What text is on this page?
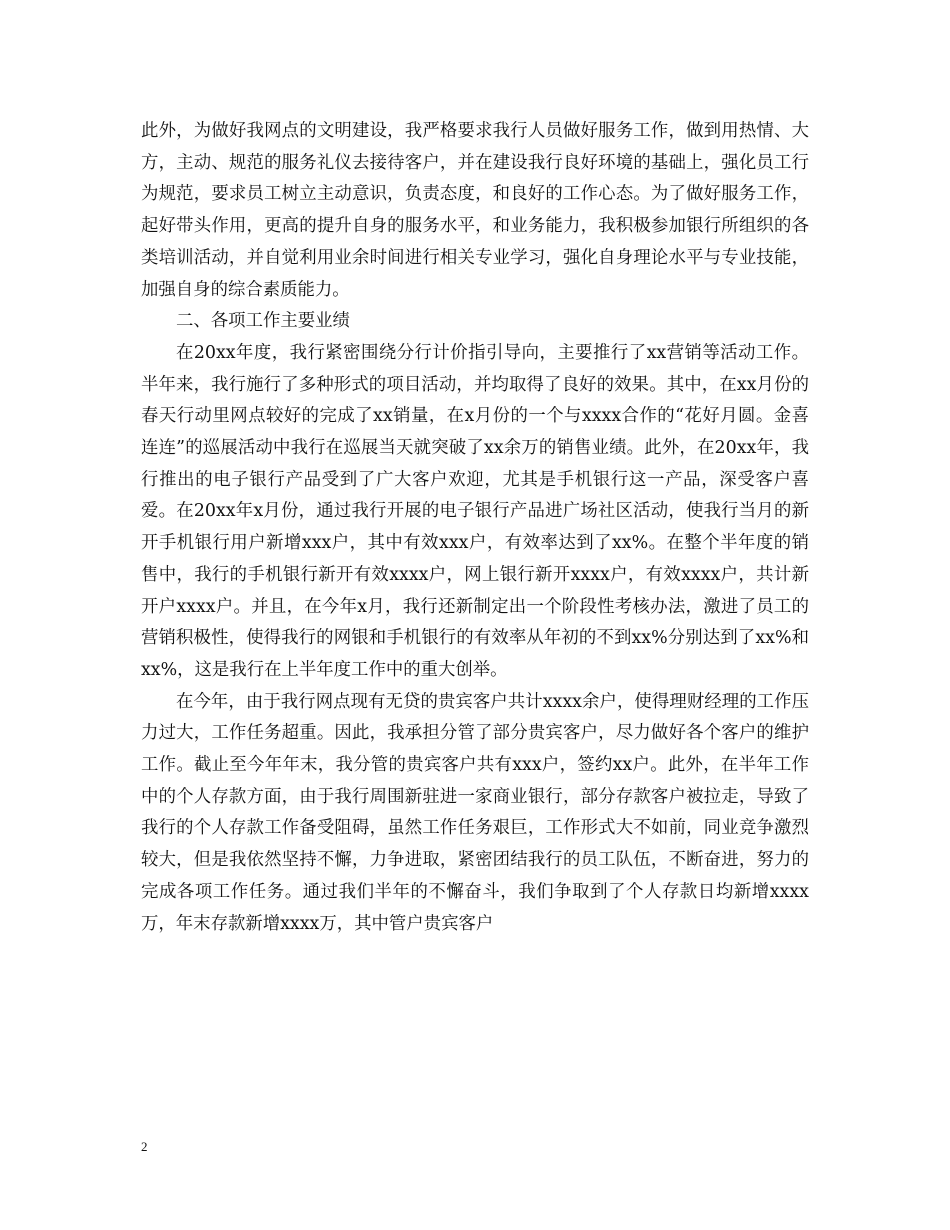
此外，为做好我网点的文明建设，我严格要求我行人员做好服务工作，做到用热情、大方，主动、规范的服务礼仪去接待客户，并在建设我行良好环境的基础上，强化员工行为规范，要求员工树立主动意识，负责态度，和良好的工作心态。为了做好服务工作，起好带头作用，更高的提升自身的服务水平，和业务能力，我积极参加银行所组织的各类培训活动，并自觉利用业余时间进行相关专业学习，强化自身理论水平与专业技能，加强自身的综合素质能力。

二、各项工作主要业绩

在20xx年度，我行紧密围绕分行计价指引导向，主要推行了xx营销等活动工作。半年来，我行施行了多种形式的项目活动，并均取得了良好的效果。其中，在xx月份的春天行动里网点较好的完成了xx销量，在x月份的一个与xxxx合作的“花好月圆。金喜连连”的巡展活动中我行在巡展当天就突破了xx余万的销售业绩。此外，在20xx年，我行推出的电子银行产品受到了广大客户欢迎，尤其是手机银行这一产品，深受客户喜爱。在20xx年x月份，通过我行开展的电子银行产品进广场社区活动，使我行当月的新开手机银行用户新增xxx户，其中有效xxx户，有效率达到了xx%。在整个半年度的销售中，我行的手机银行新开有效xxxx户，网上银行新开xxxx户，有效xxxx户，共计新开户xxxx户。并且，在今年x月，我行还新制定出一个阶段性考核办法，激进了员工的营销积极性，使得我行的网银和手机银行的有效率从年初的不到xx%分别达到了xx%和xx%，这是我行在上半年度工作中的重大创举。

在今年，由于我行网点现有无贷的贵宾客户共计xxxx余户，使得理财经理的工作压力过大，工作任务超重。因此，我承担分管了部分贵宾客户，尽力做好各个客户的维护工作。截止至今年年末，我分管的贵宾客户共有xxx户，签约xx户。此外，在半年工作中的个人存款方面，由于我行周围新驻进一家商业银行，部分存款客户被拉走，导致了我行的个人存款工作备受阻碍，虽然工作任务艰巨，工作形式大不如前，同业竞争激烈较大，但是我依然坚持不懈，力争进取，紧密团结我行的员工队伍，不断奋进，努力的完成各项工作任务。通过我们半年的不懈奋斗，我们争取到了个人存款日均新增xxxx万，年末存款新增xxxx万，其中管户贵宾客户

2
